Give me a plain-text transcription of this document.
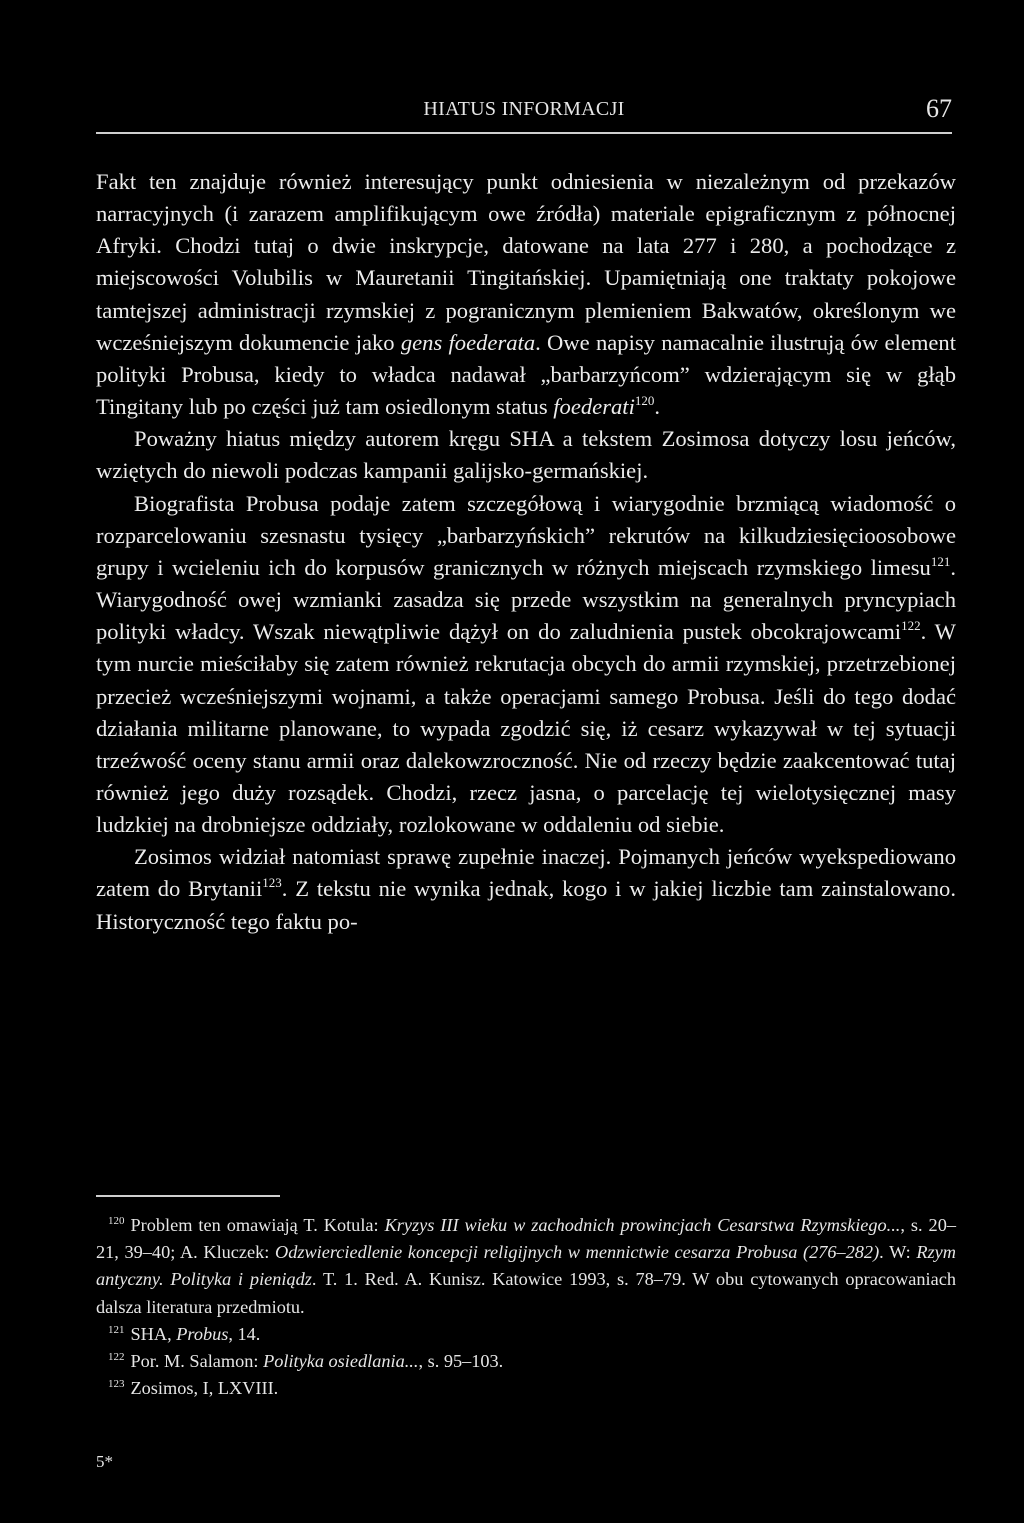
HIATUS INFORMACJI	67

Fakt ten znajduje również interesujący punkt odniesienia w niezależnym od przekazów narracyjnych (i zarazem amplifikującym owe źródła) materiale epigraficznym z północnej Afryki. Chodzi tutaj o dwie inskrypcje, datowane na lata 277 i 280, a pochodzące z miejscowości Volubilis w Mauretanii Tingitańskiej. Upamiętniają one traktaty pokojowe tamtejszej administracji rzymskiej z pogranicznym plemieniem Bakwatów, określonym we wcześniejszym dokumencie jako gens foederata. Owe napisy namacalnie ilustrują ów element polityki Probusa, kiedy to władca nadawał „barbarzyńcom” wdzierającym się w głąb Tingitany lub po części już tam osiedlonym status foederati$^{120}$.

Poważny hiatus między autorem kręgu SHA a tekstem Zosimosa dotyczy losu jeńców, wziętych do niewoli podczas kampanii galijsko-germańskiej.

Biografista Probusa podaje zatem szczegółową i wiarygodnie brzmiącą wiadomość o rozparcelowaniu szesnastu tysięcy „barbarzyńskich” rekrutów na kilkudziesięcioosobowe grupy i wcieleniu ich do korpusów granicznych w różnych miejscach rzymskiego limesu$^{121}$. Wiarygodność owej wzmianki zasadza się przede wszystkim na generalnych pryncypiach polityki władcy. Wszak niewątpliwie dążył on do zaludnienia pustek obcokrajowcami$^{122}$. W tym nurcie mieściłaby się zatem również rekrutacja obcych do armii rzymskiej, przetrzebionej przecież wcześniejszymi wojnami, a także operacjami samego Probusa. Jeśli do tego dodać działania militarne planowane, to wypada zgodzić się, iż cesarz wykazywał w tej sytuacji trzeźwość oceny stanu armii oraz dalekowzroczność. Nie od rzeczy będzie zaakcentować tutaj również jego duży rozsądek. Chodzi, rzecz jasna, o parcelację tej wielotysięcznej masy ludzkiej na drobniejsze oddziały, rozlokowane w oddaleniu od siebie.

Zosimos widział natomiast sprawę zupełnie inaczej. Pojmanych jeńców wyekspediowano zatem do Brytanii$^{123}$. Z tekstu nie wynika jednak, kogo i w jakiej liczbie tam zainstalowano. Historyczność tego faktu po-

$^{120}$ Problem ten omawiają T. Kotula: Kryzys III wieku w zachodnich prowincjach Cesarstwa Rzymskiego..., s. 20–21, 39–40; A. Kluczek: Odzwierciedlenie koncepcji religijnych w mennictwie cesarza Probusa (276–282). W: Rzym antyczny. Polityka i pieniądz. T. 1. Red. A. Kunisz. Katowice 1993, s. 78–79. W obu cytowanych opracowaniach dalsza literatura przedmiotu.

$^{121}$ SHA, Probus, 14.

$^{122}$ Por. M. Salamon: Polityka osiedlania..., s. 95–103.

$^{123}$ Zosimos, I, LXVIII.

5*
